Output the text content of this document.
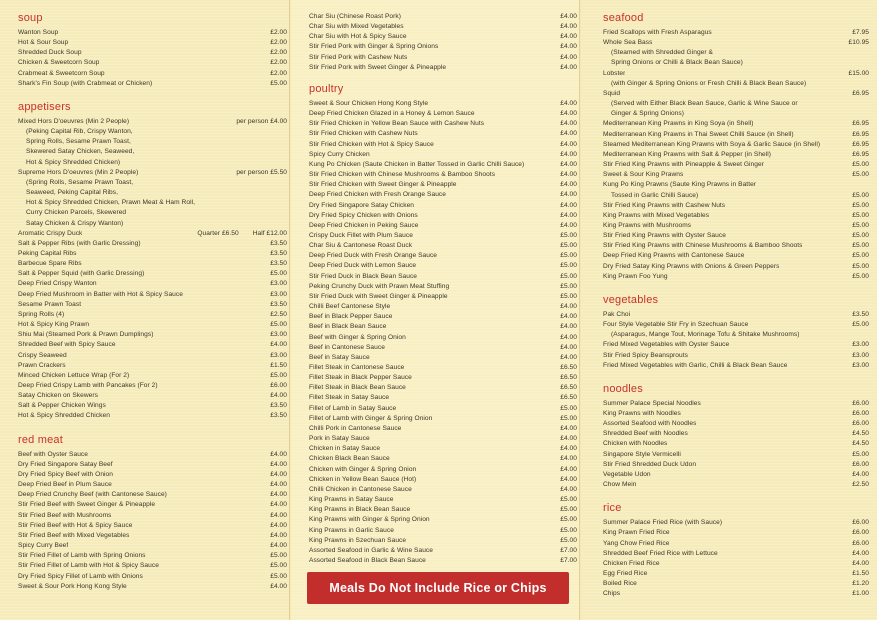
soup
Wanton Soup	£2.00
Hot & Sour Soup	£2.00
Shredded Duck Soup	£2.00
Chicken & Sweetcorn Soup	£2.00
Crabmeat & Sweetcorn Soup	£2.00
Shark's Fin Soup (with Crabmeat or Chicken)	£5.00
appetisers
Mixed Hors D'oeuvres (Min 2 People)	per person £4.00
(Peking Capital Rib, Crispy Wanton,
Spring Rolls, Sesame Prawn Toast,
Skewered Satay Chicken, Seaweed,
Hot & Spicy Shredded Chicken)
Supreme Hors D'oeuvres (Min 2 People)	per person £5.50
(Spring Rolls, Sesame Prawn Toast,
Seaweed, Peking Capital Ribs,
Hot & Spicy Shredded Chicken, Prawn Meat & Ham Roll,
Curry Chicken Parcels, Skewered
Satay Chicken & Crispy Wanton)
Aromatic Crispy Duck	Quarter £6.50 Half £12.00
Salt & Pepper Ribs (with Garlic Dressing)	£3.50
Peking Capital Ribs	£3.50
Barbecue Spare Ribs	£3.50
Salt & Pepper Squid (with Garlic Dressing)	£5.00
Deep Fried Crispy Wanton	£3.00
Deep Fried Mushroom in Batter with Hot & Spicy Sauce	£3.00
Sesame Prawn Toast	£3.50
Spring Rolls (4)	£2.50
Hot & Spicy King Prawn	£5.00
Shiu Mai (Steamed Pork & Prawn Dumplings)	£3.00
Shredded Beef with Spicy Sauce	£4.00
Crispy Seaweed	£3.00
Prawn Crackers	£1.50
Minced Chicken Lettuce Wrap (For 2)	£5.00
Deep Fried Crispy Lamb with Pancakes (For 2)	£6.00
Satay Chicken on Skewers	£4.00
Salt & Pepper Chicken Wings	£3.50
Hot & Spicy Shredded Chicken	£3.50
red meat
Beef with Oyster Sauce	£4.00
Dry Fried Singapore Satay Beef	£4.00
Dry Fried Spicy Beef with Onion	£4.00
Deep Fried Beef in Plum Sauce	£4.00
Deep Fried Crunchy Beef (with Cantonese Sauce)	£4.00
Stir Fried Beef with Sweet Ginger & Pineapple	£4.00
Stir Fried Beef with Mushrooms	£4.00
Stir Fried Beef with Hot & Spicy Sauce	£4.00
Stir Fried Beef with Mixed Vegetables	£4.00
Spicy Curry Beef	£4.00
Stir Fried Fillet of Lamb with Spring Onions	£5.00
Stir Fried Fillet of Lamb with Hot & Spicy Sauce	£5.00
Dry Fried Spicy Fillet of Lamb with Onions	£5.00
Sweet & Sour Pork Hong Kong Style	£4.00
Char Siu (Chinese Roast Pork)	£4.00
Char Siu with Mixed Vegetables	£4.00
Char Siu with Hot & Spicy Sauce	£4.00
Stir Fried Pork with Ginger & Spring Onions	£4.00
Stir Fried Pork with Cashew Nuts	£4.00
Stir Fried Pork with Sweet Ginger & Pineapple	£4.00
poultry
Sweet & Sour Chicken Hong Kong Style	£4.00
Deep Fried Chicken Glazed in a Honey & Lemon Sauce	£4.00
Stir Fried Chicken in Yellow Bean Sauce with Cashew Nuts	£4.00
Stir Fried Chicken with Cashew Nuts	£4.00
Stir Fried Chicken with Hot & Spicy Sauce	£4.00
Spicy Curry Chicken	£4.00
Kung Po Chicken (Saute Chicken in Batter Tossed in Garlic Chilli Sauce)	£4.00
Stir Fried Chicken with Chinese Mushrooms & Bamboo Shoots	£4.00
Stir Fried Chicken with Sweet Ginger & Pineapple	£4.00
Deep Fried Chicken with Fresh Orange Sauce	£4.00
Dry Fried Singapore Satay Chicken	£4.00
Dry Fried Spicy Chicken with Onions	£4.00
Deep Fried Chicken in Peking Sauce	£4.00
Crispy Duck Fillet with Plum Sauce	£5.00
Char Siu & Cantonese Roast Duck	£5.00
Deep Fried Duck with Fresh Orange Sauce	£5.00
Deep Fried Duck with Lemon Sauce	£5.00
Stir Fried Duck in Black Bean Sauce	£5.00
Peking Crunchy Duck with Prawn Meat Stuffing	£5.00
Stir Fried Duck with Sweet Ginger & Pineapple	£5.00
Chilli Beef Cantonese Style	£4.00
Beef in Black Pepper Sauce	£4.00
Beef in Black Bean Sauce	£4.00
Beef with Ginger & Spring Onion	£4.00
Beef in Cantonese Sauce	£4.00
Beef in Satay Sauce	£4.00
Fillet Steak in Cantonese Sauce	£6.50
Fillet Steak in Black Pepper Sauce	£6.50
Fillet Steak in Black Bean Sauce	£6.50
Fillet Steak in Satay Sauce	£6.50
Fillet of Lamb in Satay Sauce	£5.00
Fillet of Lamb with Ginger & Spring Onion	£5.00
Chilli Pork in Cantonese Sauce	£4.00
Pork in Satay Sauce	£4.00
Chicken in Satay Sauce	£4.00
Chicken Black Bean Sauce	£4.00
Chicken with Ginger & Spring Onion	£4.00
Chicken in Yellow Bean Sauce (Hot)	£4.00
Chilli Chicken in Cantonese Sauce	£4.00
King Prawns in Satay Sauce	£5.00
King Prawns in Black Bean Sauce	£5.00
King Prawns with Ginger & Spring Onion	£5.00
King Prawns in Garlic Sauce	£5.00
King Prawns in Szechuan Sauce	£5.00
Assorted Seafood in Garlic & Wine Sauce	£7.00
Assorted Seafood in Black Bean Sauce	£7.00
seafood
Fried Scallops with Fresh Asparagus	£7.95
Whole Sea Bass	£10.95
(Steamed with Shredded Ginger &
Spring Onions or Chilli & Black Bean Sauce)
Lobster	£15.00
(with Ginger & Spring Onions or Fresh Chilli & Black Bean Sauce)
Squid	£6.95
(Served with Either Black Bean Sauce, Garlic & Wine Sauce or
Ginger & Spring Onions)
Mediterranean King Prawns in King Soya (in Shell)	£6.95
Mediterranean King Prawns in Thai Sweet Chilli Sauce (in Shell)	£6.95
Steamed Mediterranean King Prawns with Soya & Garlic Sauce (in Shell)	£6.95
Mediterranean King Prawns with Salt & Pepper (in Shell)	£6.95
Stir Fried King Prawns with Pineapple & Sweet Ginger	£5.00
Sweet & Sour King Prawns	£5.00
Kung Po King Prawns (Saute King Prawns in Batter
Tossed in Garlic Chilli Sauce)	£5.00
Stir Fried King Prawns with Cashew Nuts	£5.00
King Prawns with Mixed Vegetables	£5.00
King Prawns with Mushrooms	£5.00
Stir Fried King Prawns with Oyster Sauce	£5.00
Stir Fried King Prawns with Chinese Mushrooms & Bamboo Shoots	£5.00
Deep Fried King Prawns with Cantonese Sauce	£5.00
Dry Fried Satay King Prawns with Onions & Green Peppers	£5.00
King Prawn Foo Yung	£5.00
vegetables
Pak Choi	£3.50
Four Style Vegetable Stir Fry in Szechuan Sauce	£5.00
(Asparagus, Mange Tout, Morinage Tofu & Shitake Mushrooms)
Fried Mixed Vegetables with Oyster Sauce	£3.00
Stir Fried Spicy Beansprouts	£3.00
Fried Mixed Vegetables with Garlic, Chilli & Black Bean Sauce	£3.00
noodles
Summer Palace Special Noodles	£6.00
King Prawns with Noodles	£6.00
Assorted Seafood with Noodles	£6.00
Shredded Beef with Noodles	£4.50
Chicken with Noodles	£4.50
Singapore Style Vermicelli	£5.00
Stir Fried Shredded Duck Udon	£6.00
Vegetable Udon	£4.00
Chow Mein	£2.50
rice
Summer Palace Fried Rice (with Sauce)	£6.00
King Prawn Fried Rice	£6.00
Yang Chow Fried Rice	£6.00
Shredded Beef Fried Rice with Lettuce	£4.00
Chicken Fried Rice	£4.00
Egg Fried Rice	£1.50
Boiled Rice	£1.20
Chips	£1.00
Meals Do Not Include Rice or Chips
